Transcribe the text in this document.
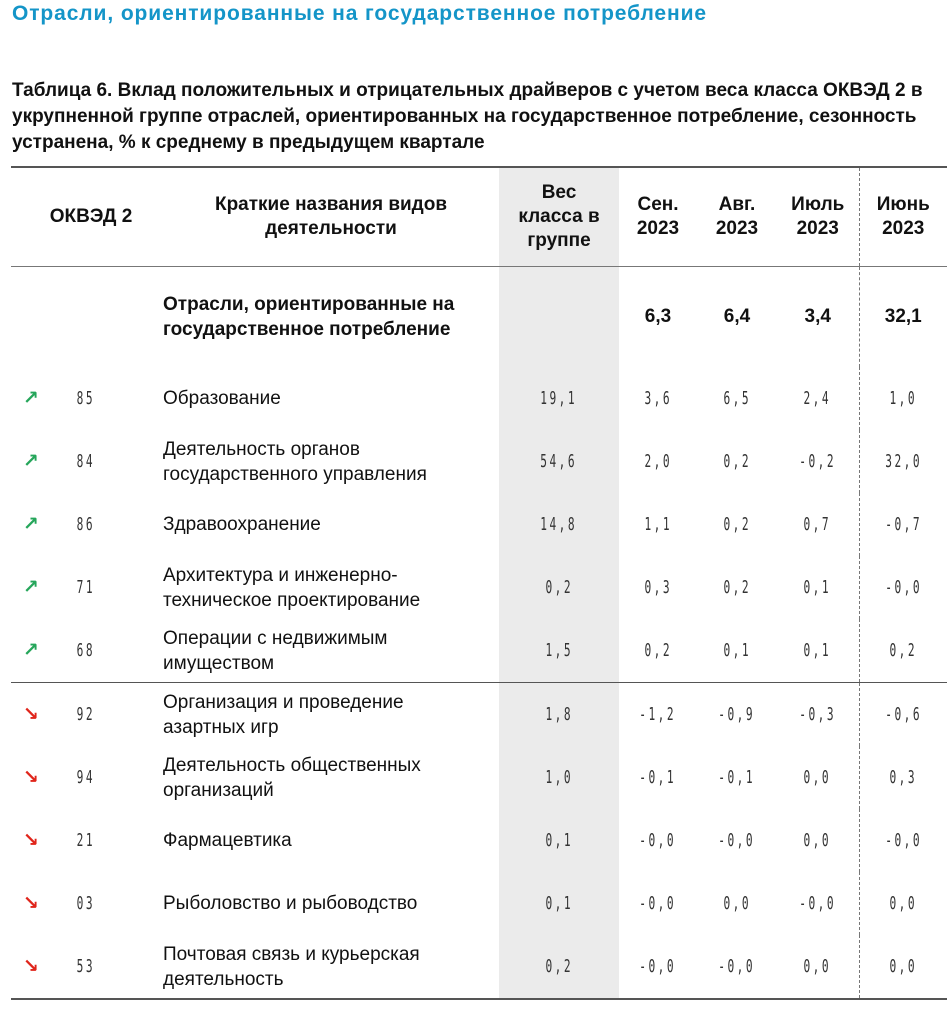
Отрасли, ориентированные на государственное потребление
Таблица 6. Вклад положительных и отрицательных драйверов с учетом веса класса ОКВЭД 2 в укрупненной группе отраслей, ориентированных на государственное потребление, сезонность устранена, % к среднему в предыдущем квартале
ОКВЭД 2		Краткие названия видов деятельности	Вес класса в группе	Сен. 2023	Авг. 2023	Июль 2023	Июнь 2023
		Отрасли, ориентированные на государственное потребление		6,3	6,4	3,4	32,1
↗	85	Образование	19,1	3,6	6,5	2,4	1,0
↗	84	Деятельность органов государственного управления	54,6	2,0	0,2	-0,2	32,0
↗	86	Здравоохранение	14,8	1,1	0,2	0,7	-0,7
↗	71	Архитектура и инженерно-техническое проектирование	0,2	0,3	0,2	0,1	-0,0
↗	68	Операции с недвижимым имуществом	1,5	0,2	0,1	0,1	0,2
↘	92	Организация и проведение азартных игр	1,8	-1,2	-0,9	-0,3	-0,6
↘	94	Деятельность общественных организаций	1,0	-0,1	-0,1	0,0	0,3
↘	21	Фармацевтика	0,1	-0,0	-0,0	0,0	-0,0
↘	03	Рыболовство и рыбоводство	0,1	-0,0	0,0	-0,0	0,0
↘	53	Почтовая связь и курьерская деятельность	0,2	-0,0	-0,0	0,0	0,0
